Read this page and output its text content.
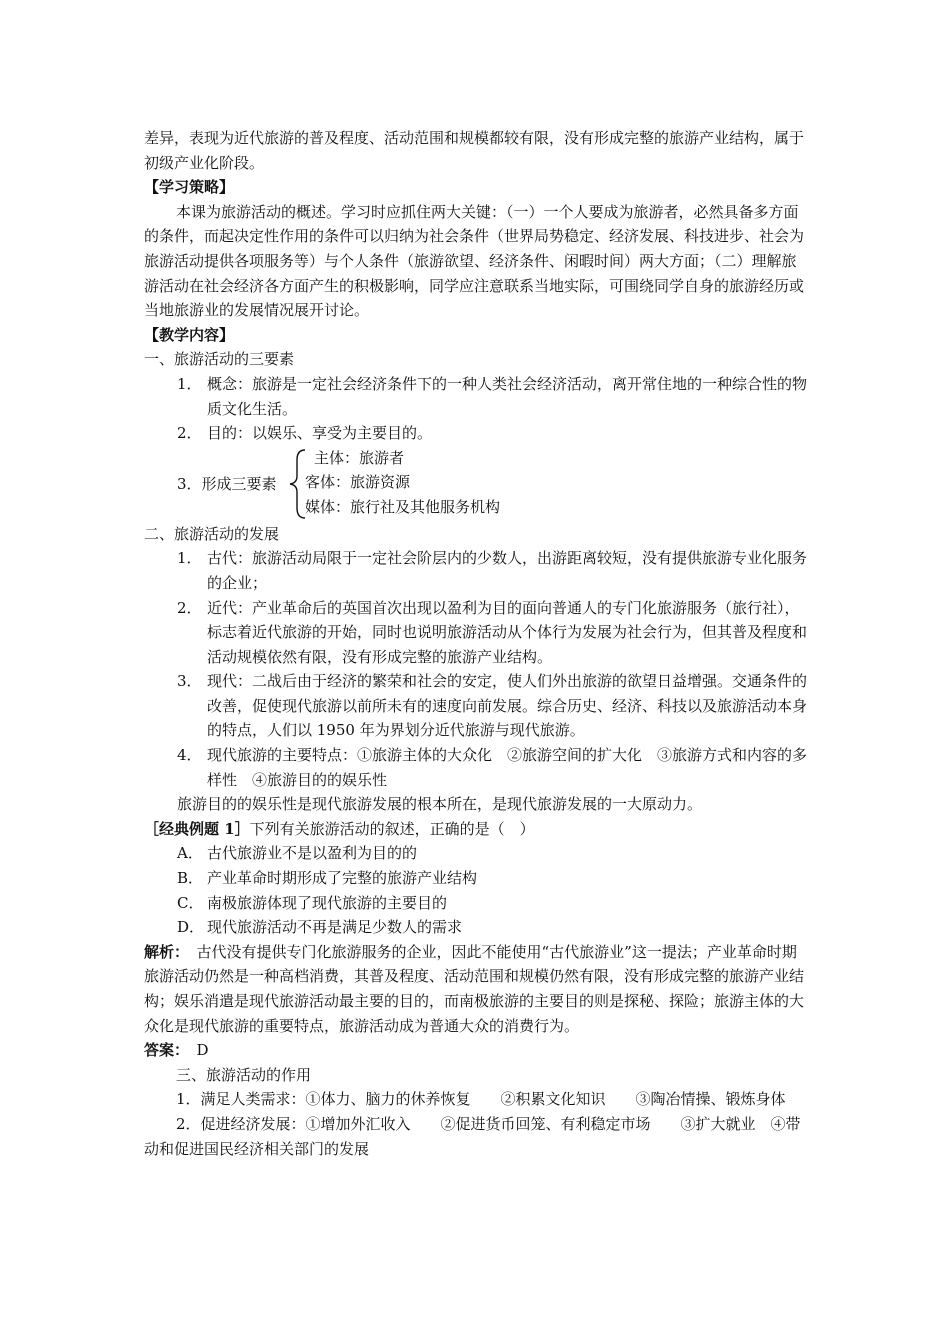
差异，表现为近代旅游的普及程度、活动范围和规模都较有限，没有形成完整的旅游产业结构，属于初级产业化阶段。

【学习策略】

本课为旅游活动的概述。学习时应抓住两大关键：（一）一个人要成为旅游者，必然具备多方面的条件，而起决定性作用的条件可以归纳为社会条件（世界局势稳定、经济发展、科技进步、社会为旅游活动提供各项服务等）与个人条件（旅游欲望、经济条件、闲暇时间）两大方面；（二）理解旅游活动在社会经济各方面产生的积极影响，同学应注意联系当地实际，可围绕同学自身的旅游经历或当地旅游业的发展情况展开讨论。

【教学内容】

一、旅游活动的三要素

1． 概念：旅游是一定社会经济条件下的一种人类社会经济活动，离开常住地的一种综合性的物质文化生活。

2． 目的：以娱乐、享受为主要目的。

3．形成三要素
主体：旅游者
客体：旅游资源
媒体：旅行社及其他服务机构

二、旅游活动的发展

1． 古代：旅游活动局限于一定社会阶层内的少数人，出游距离较短，没有提供旅游专业化服务的企业；

2． 近代：产业革命后的英国首次出现以盈利为目的面向普通人的专门化旅游服务（旅行社），标志着近代旅游的开始，同时也说明旅游活动从个体行为发展为社会行为，但其普及程度和活动规模依然有限，没有形成完整的旅游产业结构。

3． 现代：二战后由于经济的繁荣和社会的安定，使人们外出旅游的欲望日益增强。交通条件的改善，促使现代旅游以前所未有的速度向前发展。综合历史、经济、科技以及旅游活动本身的特点，人们以 1950 年为界划分近代旅游与现代旅游。

4． 现代旅游的主要特点：①旅游主体的大众化　②旅游空间的扩大化　③旅游方式和内容的多样性　④旅游目的的娱乐性

旅游目的的娱乐性是现代旅游发展的根本所在，是现代旅游发展的一大原动力。

［经典例题 1］下列有关旅游活动的叙述，正确的是（　）

A． 古代旅游业不是以盈利为目的的

B． 产业革命时期形成了完整的旅游产业结构

C． 南极旅游体现了现代旅游的主要目的

D． 现代旅游活动不再是满足少数人的需求

解析：　古代没有提供专门化旅游服务的企业，因此不能使用“古代旅游业”这一提法；产业革命时期旅游活动仍然是一种高档消费，其普及程度、活动范围和规模仍然有限，没有形成完整的旅游产业结构；娱乐消遣是现代旅游活动最主要的目的，而南极旅游的主要目的则是探秘、探险；旅游主体的大众化是现代旅游的重要特点，旅游活动成为普通大众的消费行为。

答案：　D

三、旅游活动的作用

1．满足人类需求：①体力、脑力的休养恢复　　②积累文化知识　　③陶冶情操、锻炼身体

2．促进经济发展：①增加外汇收入　　②促进货币回笼、有利稳定市场　　③扩大就业　④带动和促进国民经济相关部门的发展
